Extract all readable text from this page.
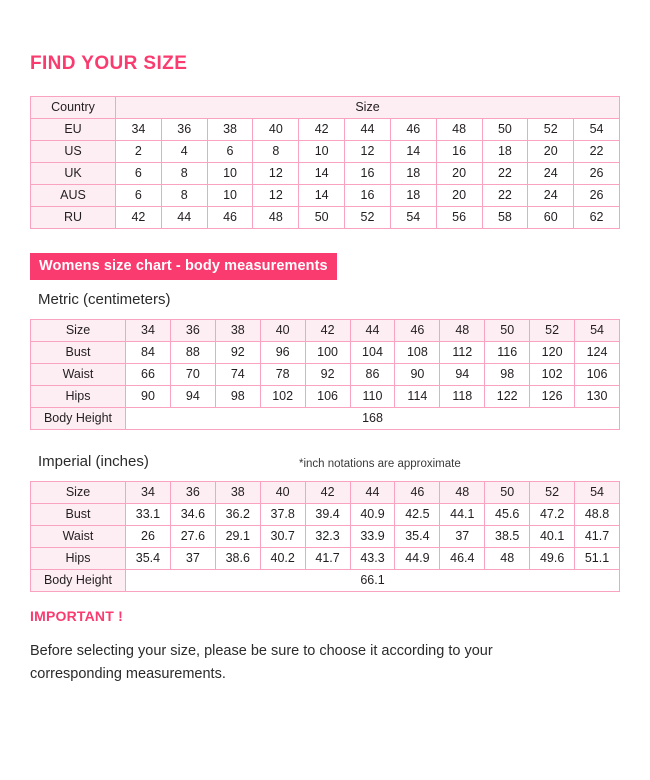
FIND YOUR SIZE
Country	Size										
EU	34	36	38	40	42	44	46	48	50	52	54
US	2	4	6	8	10	12	14	16	18	20	22
UK	6	8	10	12	14	16	18	20	22	24	26
AUS	6	8	10	12	14	16	18	20	22	24	26
RU	42	44	46	48	50	52	54	56	58	60	62
Womens size chart - body measurements
Metric (centimeters)
Size	34	36	38	40	42	44	46	48	50	52	54
Bust	84	88	92	96	100	104	108	112	116	120	124
Waist	66	70	74	78	92	86	90	94	98	102	106
Hips	90	94	98	102	106	110	114	118	122	126	130
Body Height	168										
Imperial (inches)	*inch notations are approximate
Size	34	36	38	40	42	44	46	48	50	52	54
Bust	33.1	34.6	36.2	37.8	39.4	40.9	42.5	44.1	45.6	47.2	48.8
Waist	26	27.6	29.1	30.7	32.3	33.9	35.4	37	38.5	40.1	41.7
Hips	35.4	37	38.6	40.2	41.7	43.3	44.9	46.4	48	49.6	51.1
Body Height	66.1										
IMPORTANT !
Before selecting your size, please be sure to choose it according to your corresponding measurements.
